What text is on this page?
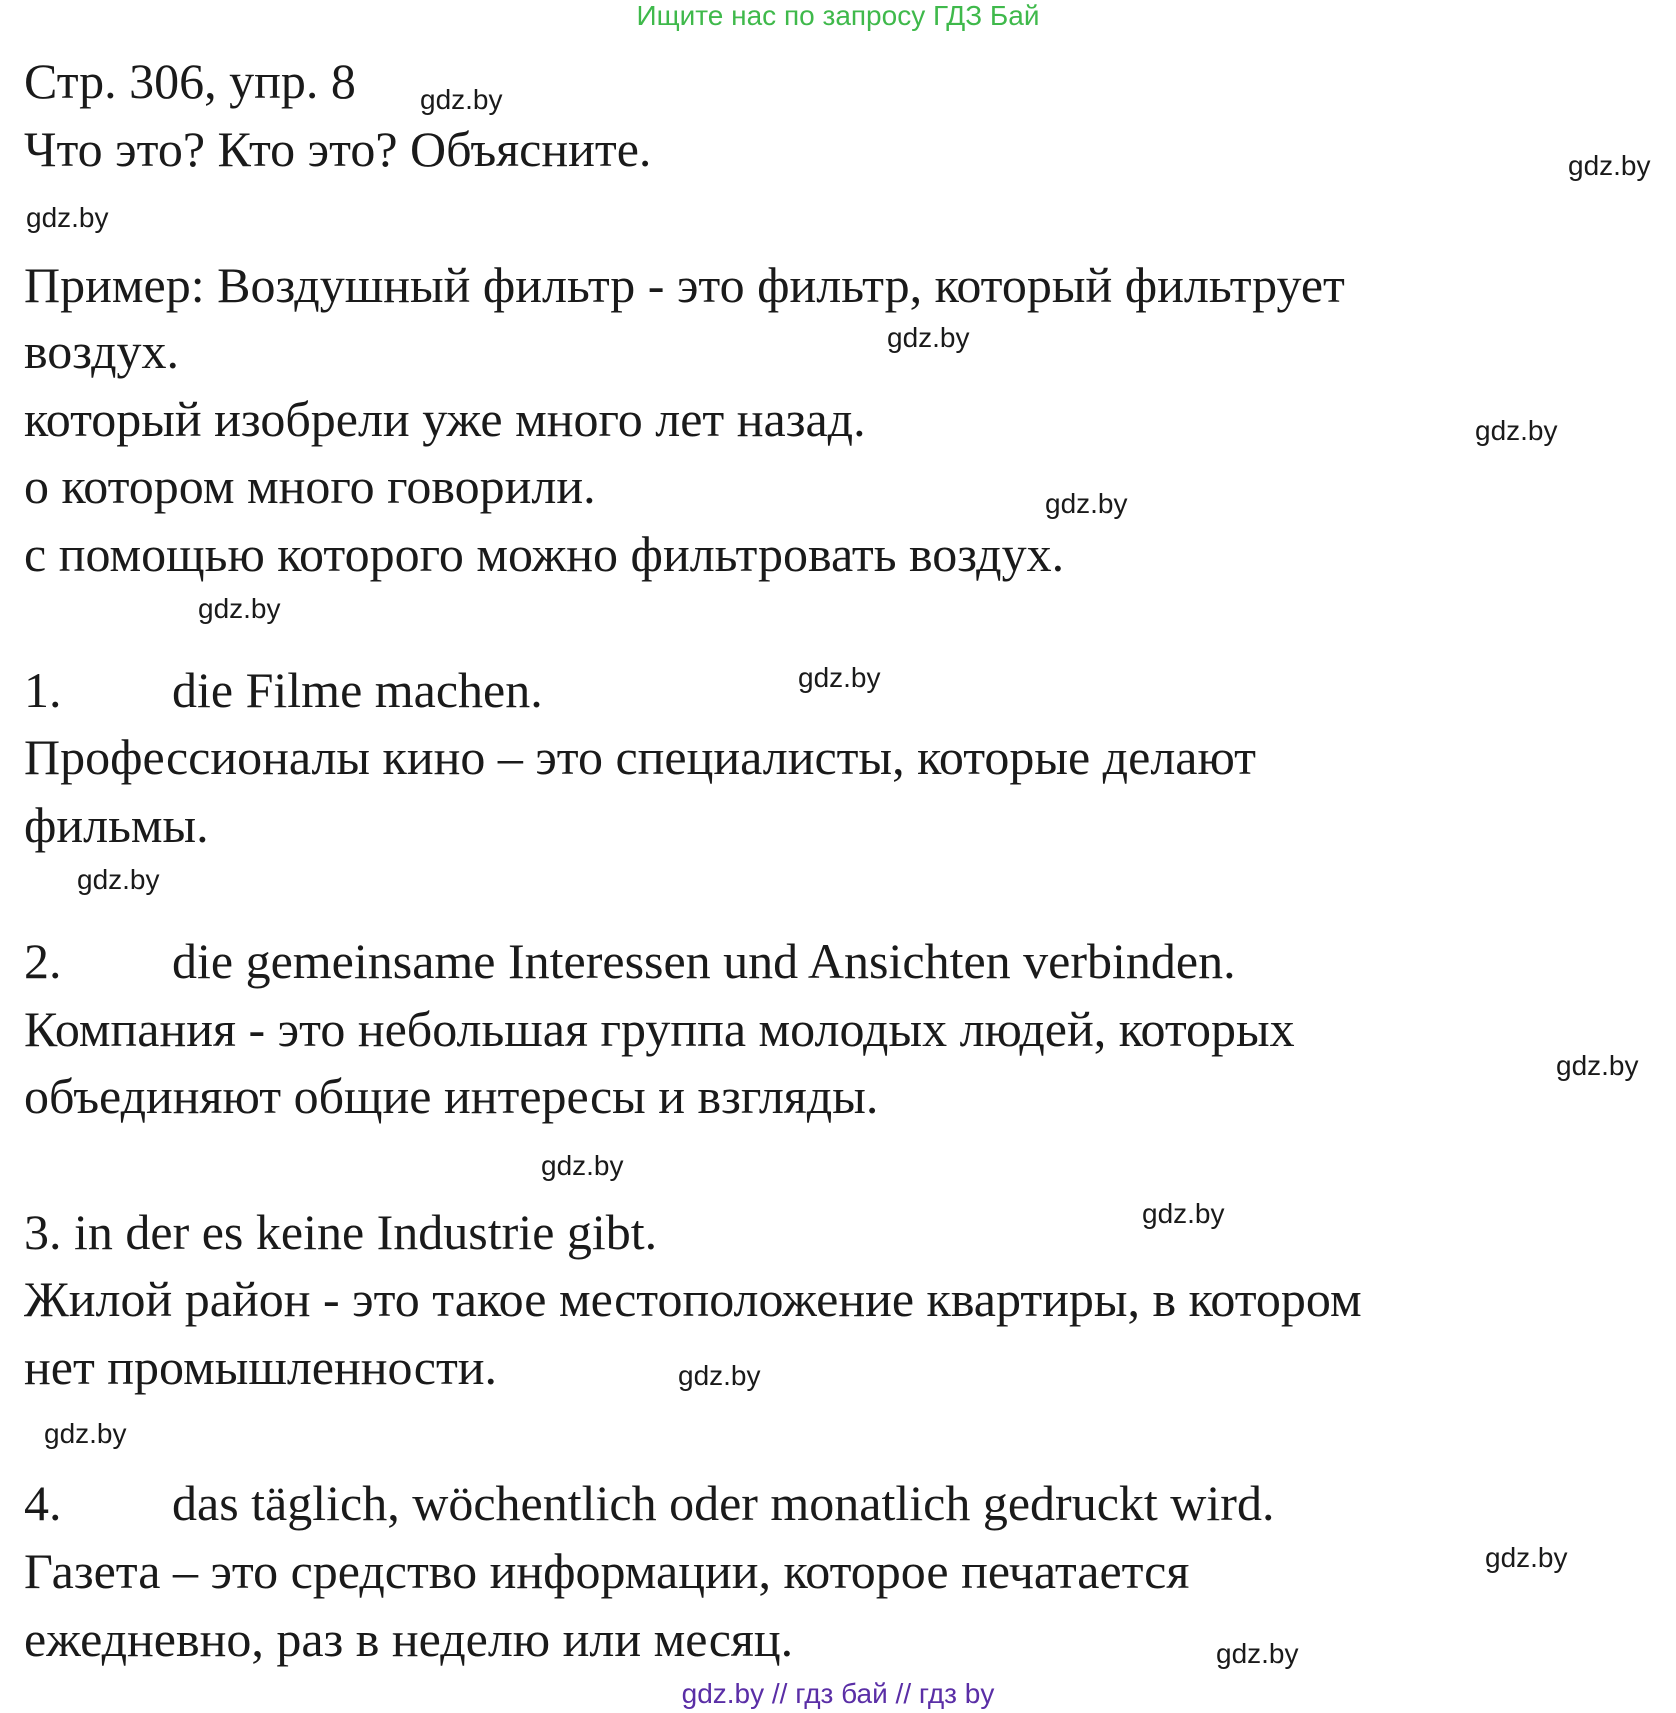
Ищите нас по запросу ГДЗ Бай
Стр. 306, упр. 8
Что это? Кто это? Объясните.
Пример: Воздушный фильтр - это фильтр, который фильтрует
воздух.
который изобрели уже много лет назад.
о котором много говорили.
с помощью которого можно фильтровать воздух.
1. die Filme machen.
Профессионалы кино – это специалисты, которые делают
фильмы.
2. die gemeinsame Interessen und Ansichten verbinden.
Компания - это небольшая группа молодых людей, которых
объединяют общие интересы и взгляды.
3. in der es keine Industrie gibt.
Жилой район - это такое местоположение квартиры, в котором
нет промышленности.
4. das täglich, wöchentlich oder monatlich gedruckt wird.
Газета – это средство информации, которое печатается
ежедневно, раз в неделю или месяц.
gdz.by
gdz.by
gdz.by
gdz.by
gdz.by
gdz.by
gdz.by
gdz.by
gdz.by
gdz.by
gdz.by
gdz.by
gdz.by
gdz.by
gdz.by
gdz.by
gdz.by // гдз бай // гдз by
